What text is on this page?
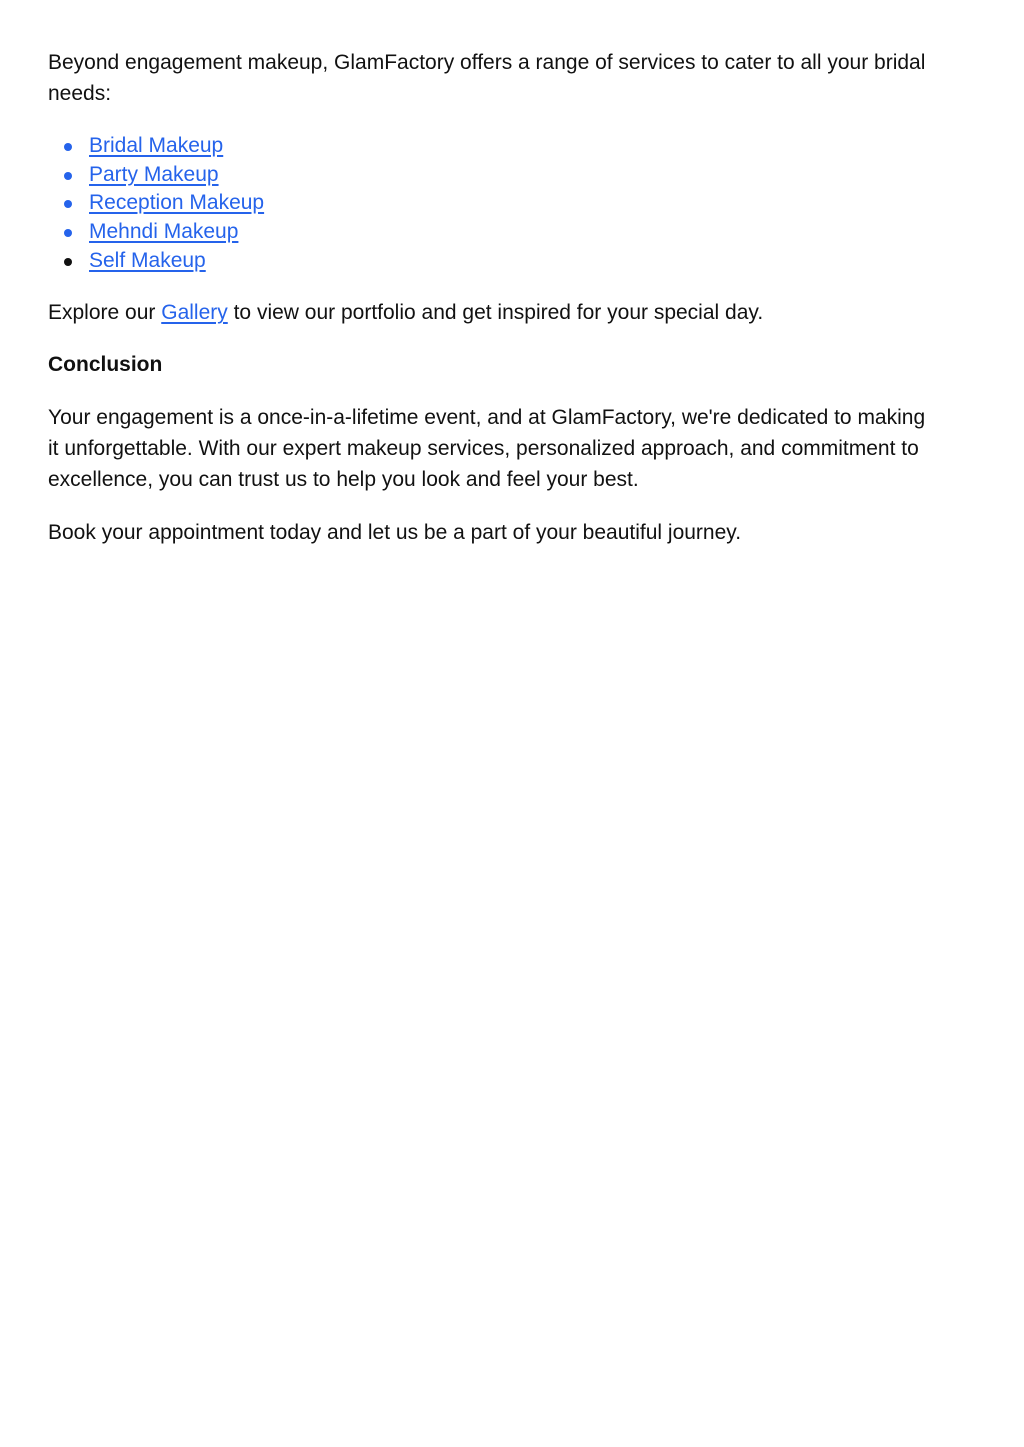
Beyond engagement makeup, GlamFactory offers a range of services to cater to all your bridal needs:

Bridal Makeup
Party Makeup
Reception Makeup
Mehndi Makeup
Self Makeup

Explore our Gallery to view our portfolio and get inspired for your special day.

Conclusion

Your engagement is a once-in-a-lifetime event, and at GlamFactory, we're dedicated to making it unforgettable. With our expert makeup services, personalized approach, and commitment to excellence, you can trust us to help you look and feel your best.

Book your appointment today and let us be a part of your beautiful journey.
